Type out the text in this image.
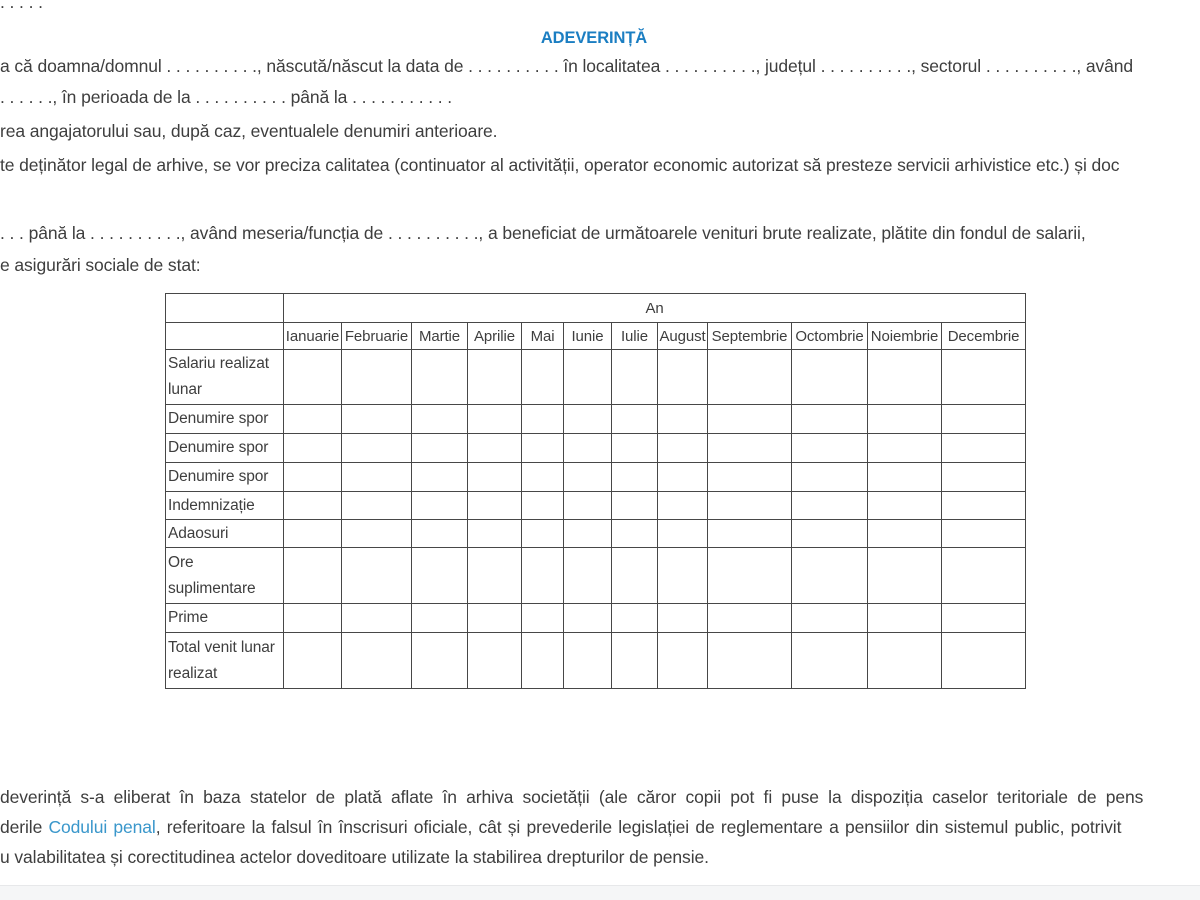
. . . . .
ADEVERINȚĂ
a că doamna/domnul . . . . . . . . . ., născută/născut la data de . . . . . . . . . . în localitatea . . . . . . . . . ., județul . . . . . . . . . ., sectorul . . . . . . . . . ., având
. . . . . ., în perioada de la . . . . . . . . . . până la . . . . . . . . . . .
rea angajatorului sau, după caz, eventualele denumiri anterioare.
te deținător legal de arhive, se vor preciza calitatea (continuator al activității, operator economic autorizat să presteze servicii arhivistice etc.) și doc
. . . până la . . . . . . . . . ., având meseria/funcția de . . . . . . . . . ., a beneficiat de următoarele venituri brute realizate, plătite din fondul de salarii,
e asigurări sociale de stat:
	An											
	Ianuarie	Februarie	Martie	Aprilie	Mai	Iunie	Iulie	August	Septembrie	Octombrie	Noiembrie	Decembrie
Salariu realizat lunar												
Denumire spor												
Denumire spor												
Denumire spor												
Indemnizație												
Adaosuri												
Ore suplimentare												
Prime												
Total venit lunar realizat												
deverință s-a eliberat în baza statelor de plată aflate în arhiva societății (ale căror copii pot fi puse la dispoziția caselor teritoriale de pens
derile Codului penal, referitoare la falsul în înscrisuri oficiale, cât și prevederile legislației de reglementare a pensiilor din sistemul public, potrivit
u valabilitatea și corectitudinea actelor doveditoare utilizate la stabilirea drepturilor de pensie.
